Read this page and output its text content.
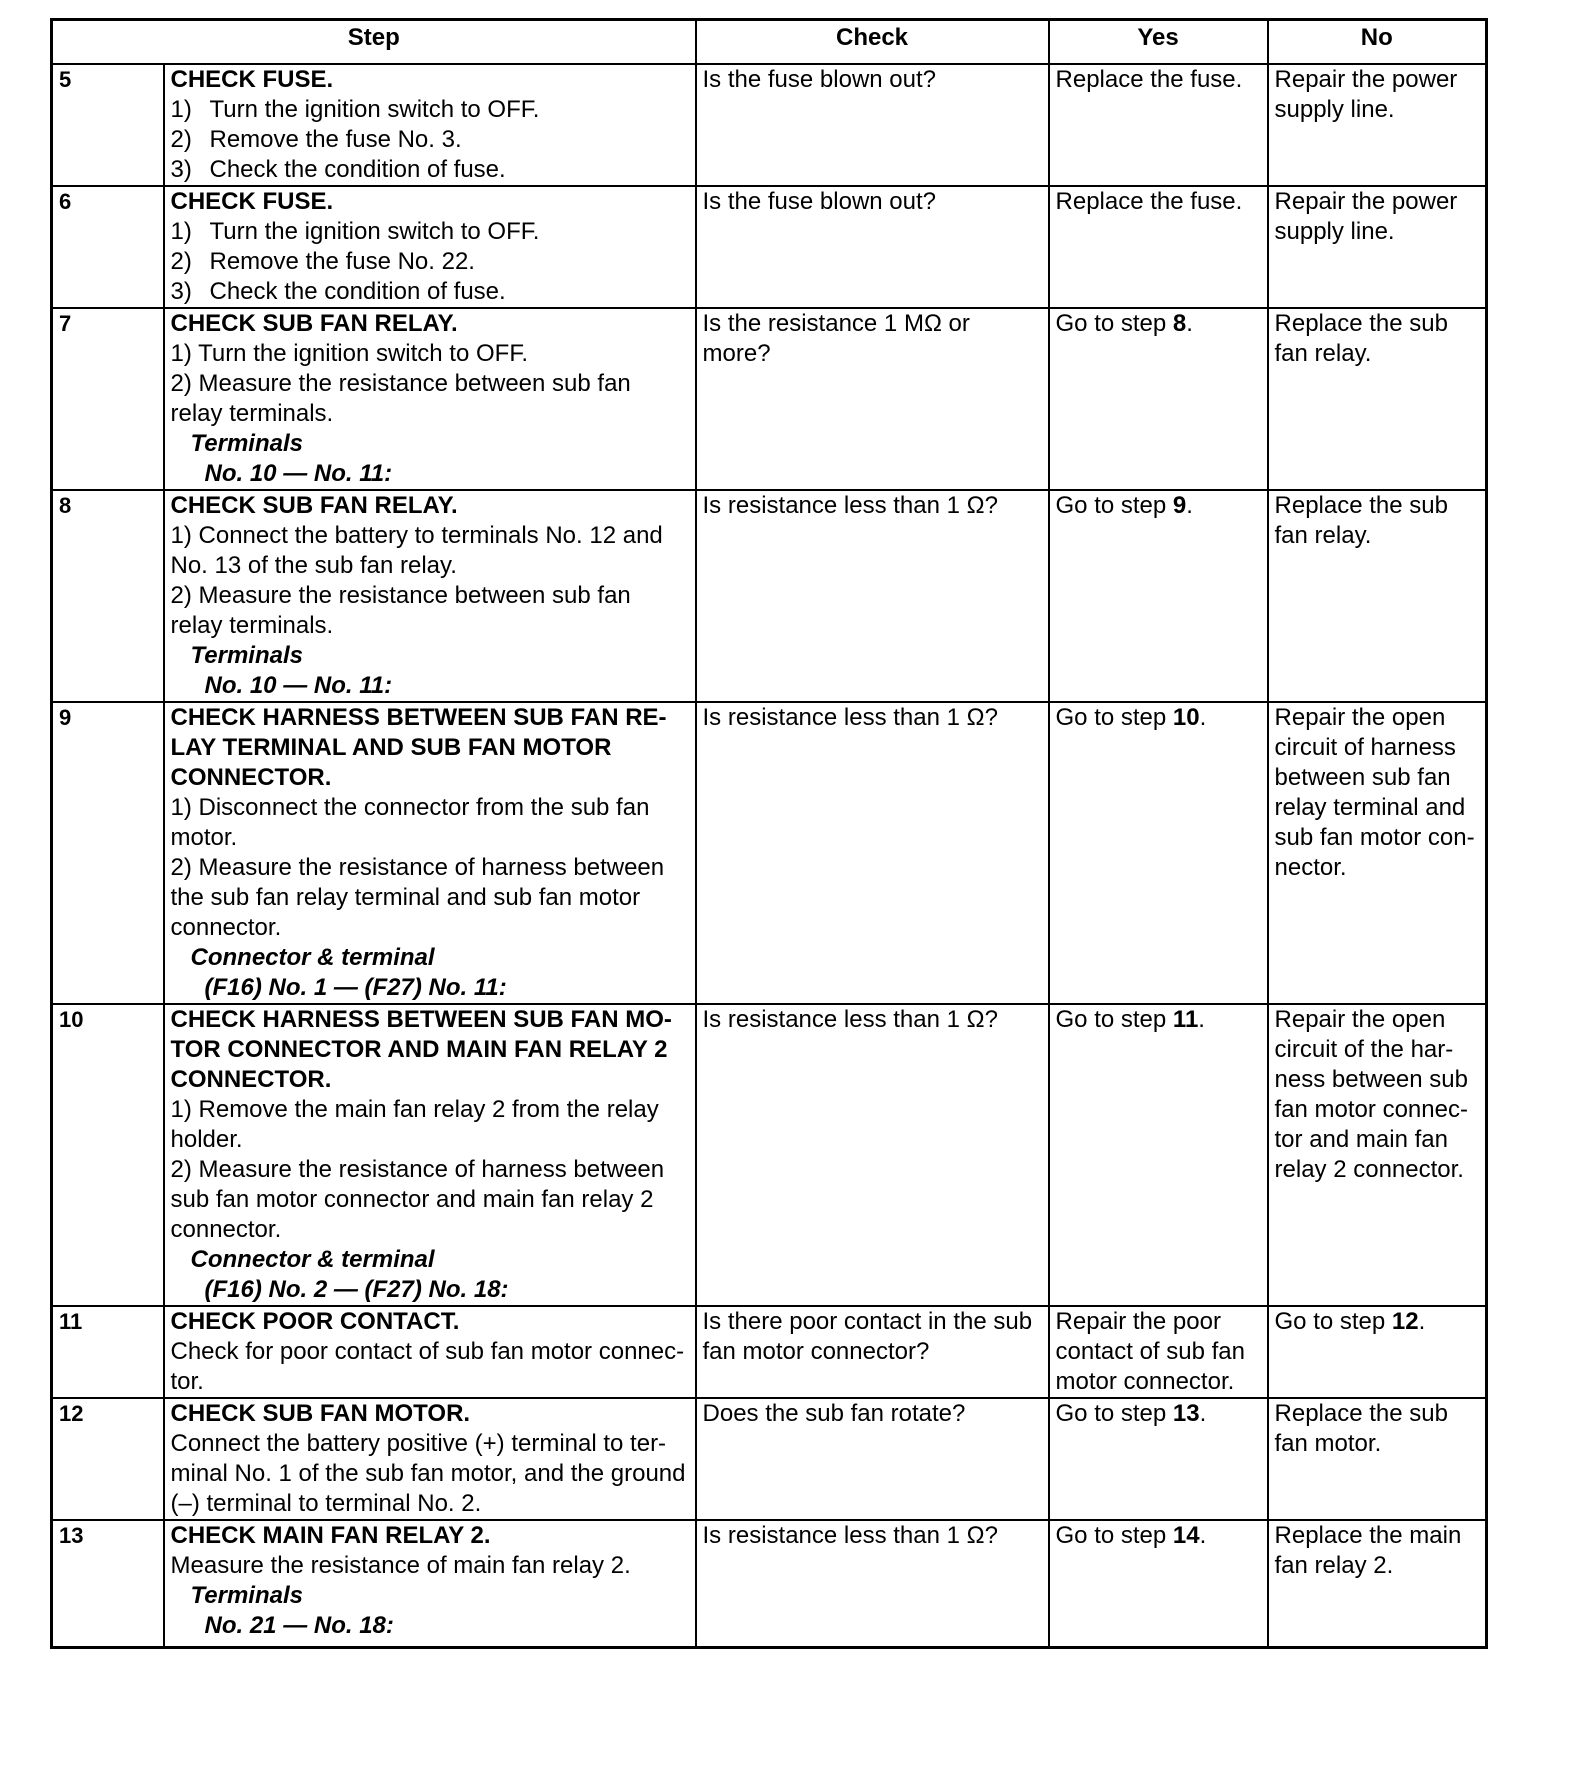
Step		Check	Yes	No
5	CHECK FUSE.
1) Turn the ignition switch to OFF.
2) Remove the fuse No. 3.
3) Check the condition of fuse.	Is the fuse blown out?	Replace the fuse.	Repair the power supply line.
6	CHECK FUSE.
1) Turn the ignition switch to OFF.
2) Remove the fuse No. 22.
3) Check the condition of fuse.	Is the fuse blown out?	Replace the fuse.	Repair the power supply line.
7	CHECK SUB FAN RELAY.
1) Turn the ignition switch to OFF.
2) Measure the resistance between sub fan relay terminals.
Terminals
No. 10 — No. 11:	Is the resistance 1 MΩ or more?	Go to step 8.	Replace the sub fan relay.
8	CHECK SUB FAN RELAY.
1) Connect the battery to terminals No. 12 and No. 13 of the sub fan relay.
2) Measure the resistance between sub fan relay terminals.
Terminals
No. 10 — No. 11:	Is resistance less than 1 Ω?	Go to step 9.	Replace the sub fan relay.
9	CHECK HARNESS BETWEEN SUB FAN RE-LAY TERMINAL AND SUB FAN MOTOR CONNECTOR.
1) Disconnect the connector from the sub fan motor.
2) Measure the resistance of harness between the sub fan relay terminal and sub fan motor connector.
Connector & terminal
(F16) No. 1 — (F27) No. 11:	Is resistance less than 1 Ω?	Go to step 10.	Repair the open circuit of harness between sub fan relay terminal and sub fan motor con-nector.
10	CHECK HARNESS BETWEEN SUB FAN MO-TOR CONNECTOR AND MAIN FAN RELAY 2 CONNECTOR.
1) Remove the main fan relay 2 from the relay holder.
2) Measure the resistance of harness between sub fan motor connector and main fan relay 2 connector.
Connector & terminal
(F16) No. 2 — (F27) No. 18:	Is resistance less than 1 Ω?	Go to step 11.	Repair the open circuit of the har-ness between sub fan motor connec-tor and main fan relay 2 connector.
11	CHECK POOR CONTACT.
Check for poor contact of sub fan motor connec-tor.	Is there poor contact in the sub fan motor connector?	Repair the poor contact of sub fan motor connector.	Go to step 12.
12	CHECK SUB FAN MOTOR.
Connect the battery positive (+) terminal to ter-minal No. 1 of the sub fan motor, and the ground (–) terminal to terminal No. 2.	Does the sub fan rotate?	Go to step 13.	Replace the sub fan motor.
13	CHECK MAIN FAN RELAY 2.
Measure the resistance of main fan relay 2.
Terminals
No. 21 — No. 18:	Is resistance less than 1 Ω?	Go to step 14.	Replace the main fan relay 2.
